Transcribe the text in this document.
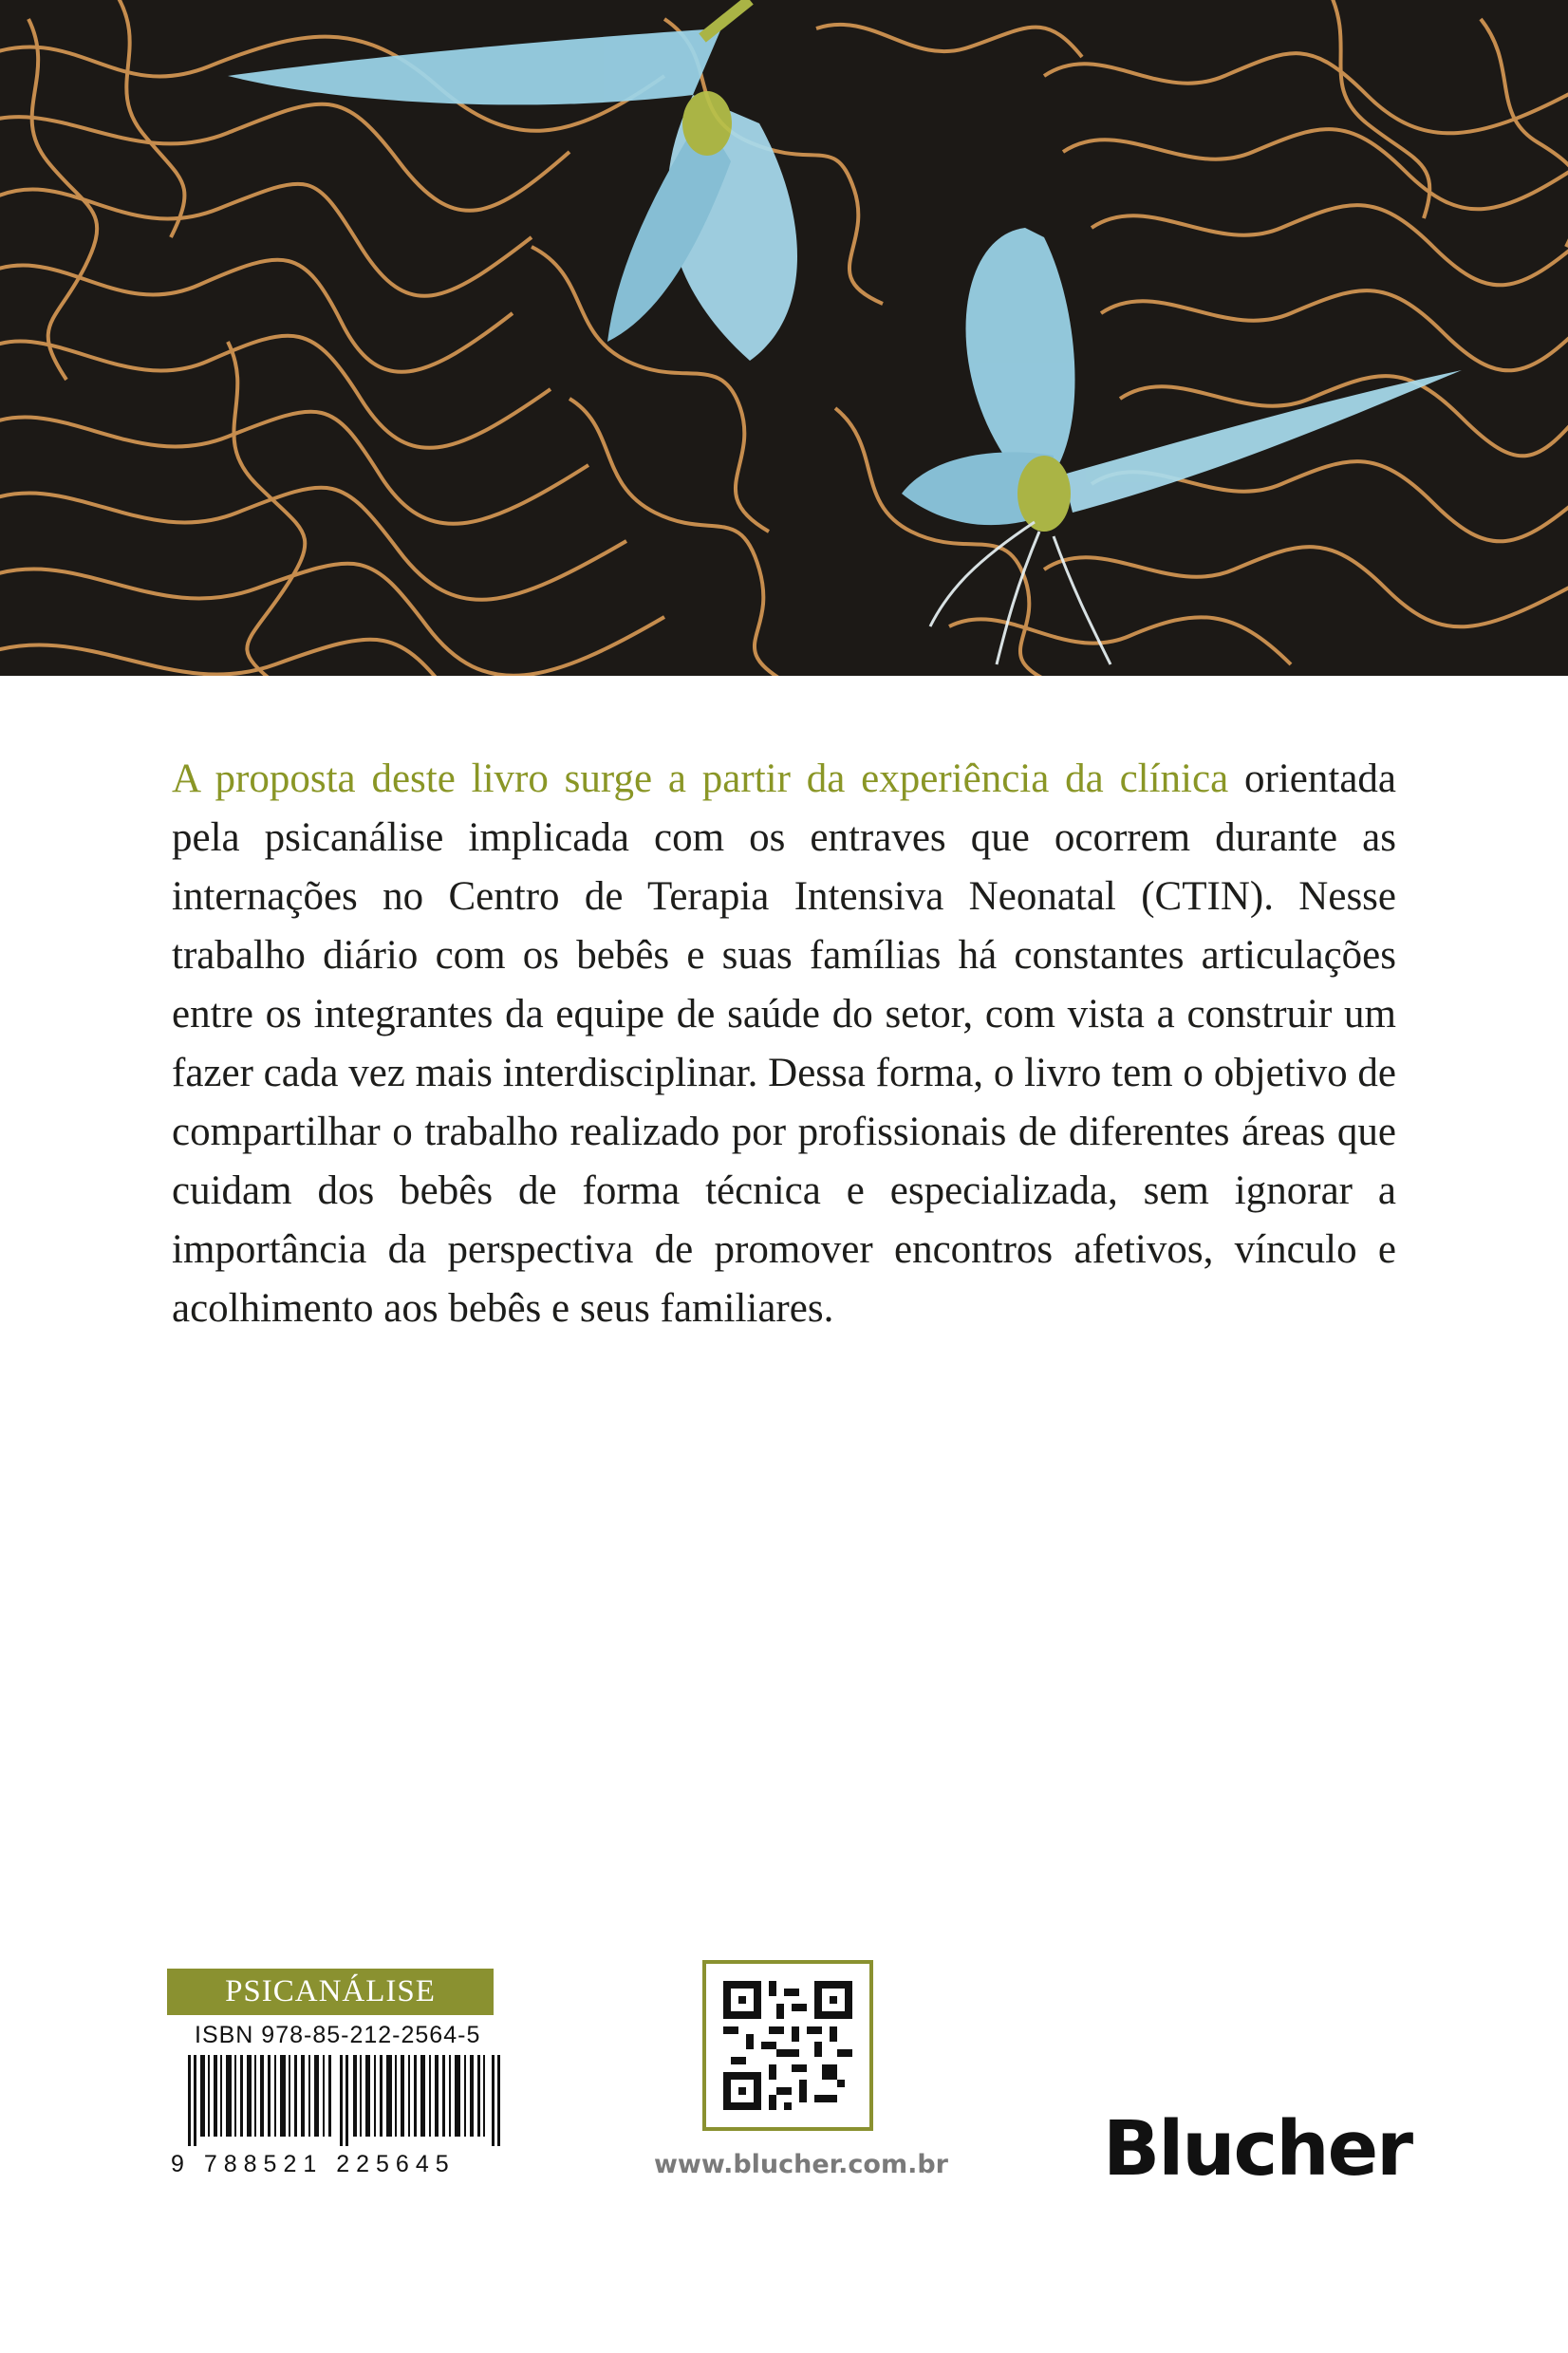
A proposta deste livro surge a partir da experiência da clínica orientada pela psicanálise implicada com os entraves que ocorrem durante as internações no Centro de Terapia Intensiva Neonatal (CTIN). Nesse trabalho diário com os bebês e suas famílias há constantes articulações entre os integrantes da equipe de saúde do setor, com vista a construir um fazer cada vez mais interdisciplinar. Dessa forma, o livro tem o objetivo de compartilhar o trabalho realizado por profissionais de diferentes áreas que cuidam dos bebês de forma técnica e especializada, sem ignorar a importância da perspectiva de promover encontros afetivos, vínculo e acolhimento aos bebês e seus familiares.

PSICANÁLISE
ISBN 978-85-212-2564-5
9 788521 225645	www.blucher.com.br Blucher
